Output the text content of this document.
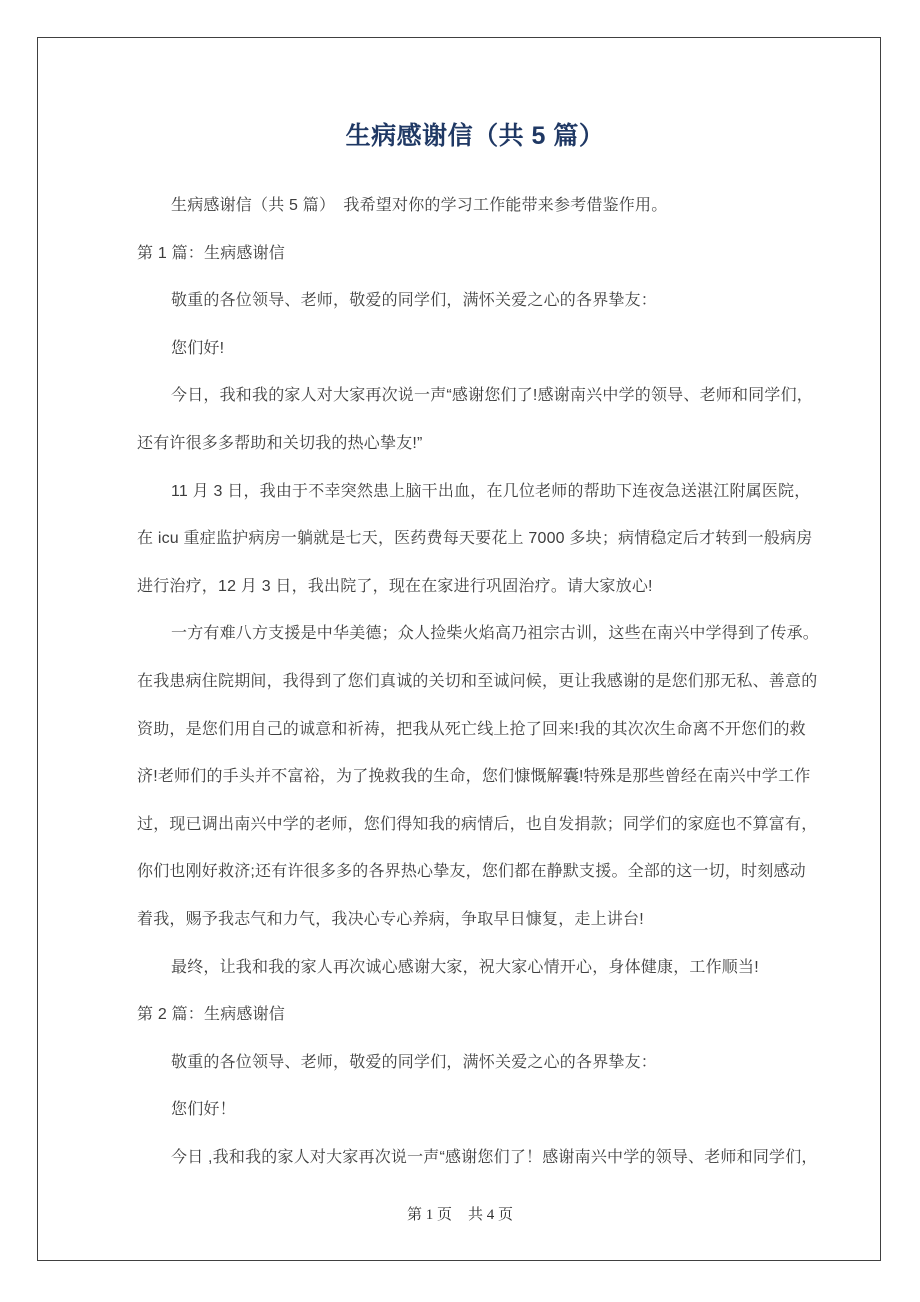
生病感谢信（共 5 篇）

生病感谢信（共 5 篇）　我希望对你的学习工作能带来参考借鉴作用。

第 1 篇：生病感谢信

敬重的各位领导、老师，敬爱的同学们，满怀关爱之心的各界挚友：

您们好!

今日，我和我的家人对大家再次说一声“感谢您们了!感谢南兴中学的领导、老师和同学们，

还有许很多多帮助和关切我的热心挚友!”

11 月 3 日，我由于不幸突然患上脑干出血，在几位老师的帮助下连夜急送湛江附属医院，

在 icu 重症监护病房一躺就是七天，医药费每天要花上 7000 多块；病情稳定后才转到一般病房

进行治疗，12 月 3 日，我出院了，现在在家进行巩固治疗。请大家放心!

一方有难八方支援是中华美德；众人捡柴火焰高乃祖宗古训，这些在南兴中学得到了传承。

在我患病住院期间，我得到了您们真诚的关切和至诚问候，更让我感谢的是您们那无私、善意的

资助，是您们用自己的诚意和祈祷，把我从死亡线上抢了回来!我的其次次生命离不开您们的救

济!老师们的手头并不富裕，为了挽救我的生命，您们慷慨解囊!特殊是那些曾经在南兴中学工作

过，现已调出南兴中学的老师，您们得知我的病情后，也自发捐款；同学们的家庭也不算富有，

你们也刚好救济;还有许很多多的各界热心挚友，您们都在静默支援。全部的这一切，时刻感动

着我，赐予我志气和力气，我决心专心养病，争取早日慷复，走上讲台!

最终，让我和我的家人再次诚心感谢大家，祝大家心情开心，身体健康，工作顺当!

第 2 篇：生病感谢信

敬重的各位领导、老师，敬爱的同学们，满怀关爱之心的各界挚友：

您们好！

今日 ,我和我的家人对大家再次说一声“感谢您们了！感谢南兴中学的领导、老师和同学们，

第 1 页 共 4 页
